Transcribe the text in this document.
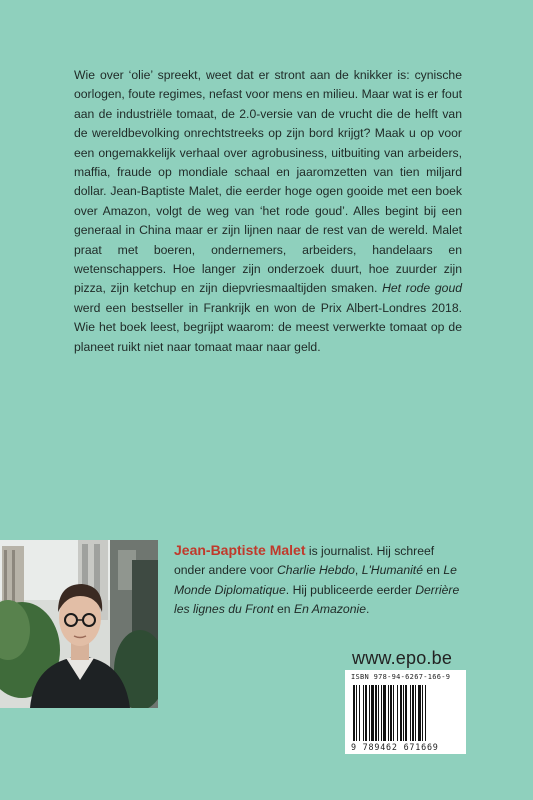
Wie over ‘olie’ spreekt, weet dat er stront aan de knikker is: cynische oorlogen, foute regimes, nefast voor mens en milieu. Maar wat is er fout aan de industriële tomaat, de 2.0-versie van de vrucht die de helft van de wereldbevolking onrechtstreeks op zijn bord krijgt? Maak u op voor een ongemakkelijk verhaal over agrobusiness, uitbuiting van arbeiders, maffia, fraude op mondiale schaal en jaaromzetten van tien miljard dollar. Jean-Baptiste Malet, die eerder hoge ogen gooide met een boek over Amazon, volgt de weg van ‘het rode goud’. Alles begint bij een generaal in China maar er zijn lijnen naar de rest van de wereld. Malet praat met boeren, ondernemers, arbeiders, handelaars en wetenschappers. Hoe langer zijn onderzoek duurt, hoe zuurder zijn pizza, zijn ketchup en zijn diepvriesmaaltijden smaken. Het rode goud werd een bestseller in Frankrijk en won de Prix Albert-Londres 2018. Wie het boek leest, begrijpt waarom: de meest verwerkte tomaat op de planeet ruikt niet naar tomaat maar naar geld.

Jean-Baptiste Malet is journalist. Hij schreef onder andere voor Charlie Hebdo, L'Humanité en Le Monde Diplomatique. Hij publiceerde eerder Derrière les lignes du Front en En Amazonie.

www.epo.be
ISBN 978-94-6267-166-9
9 789462 671669
